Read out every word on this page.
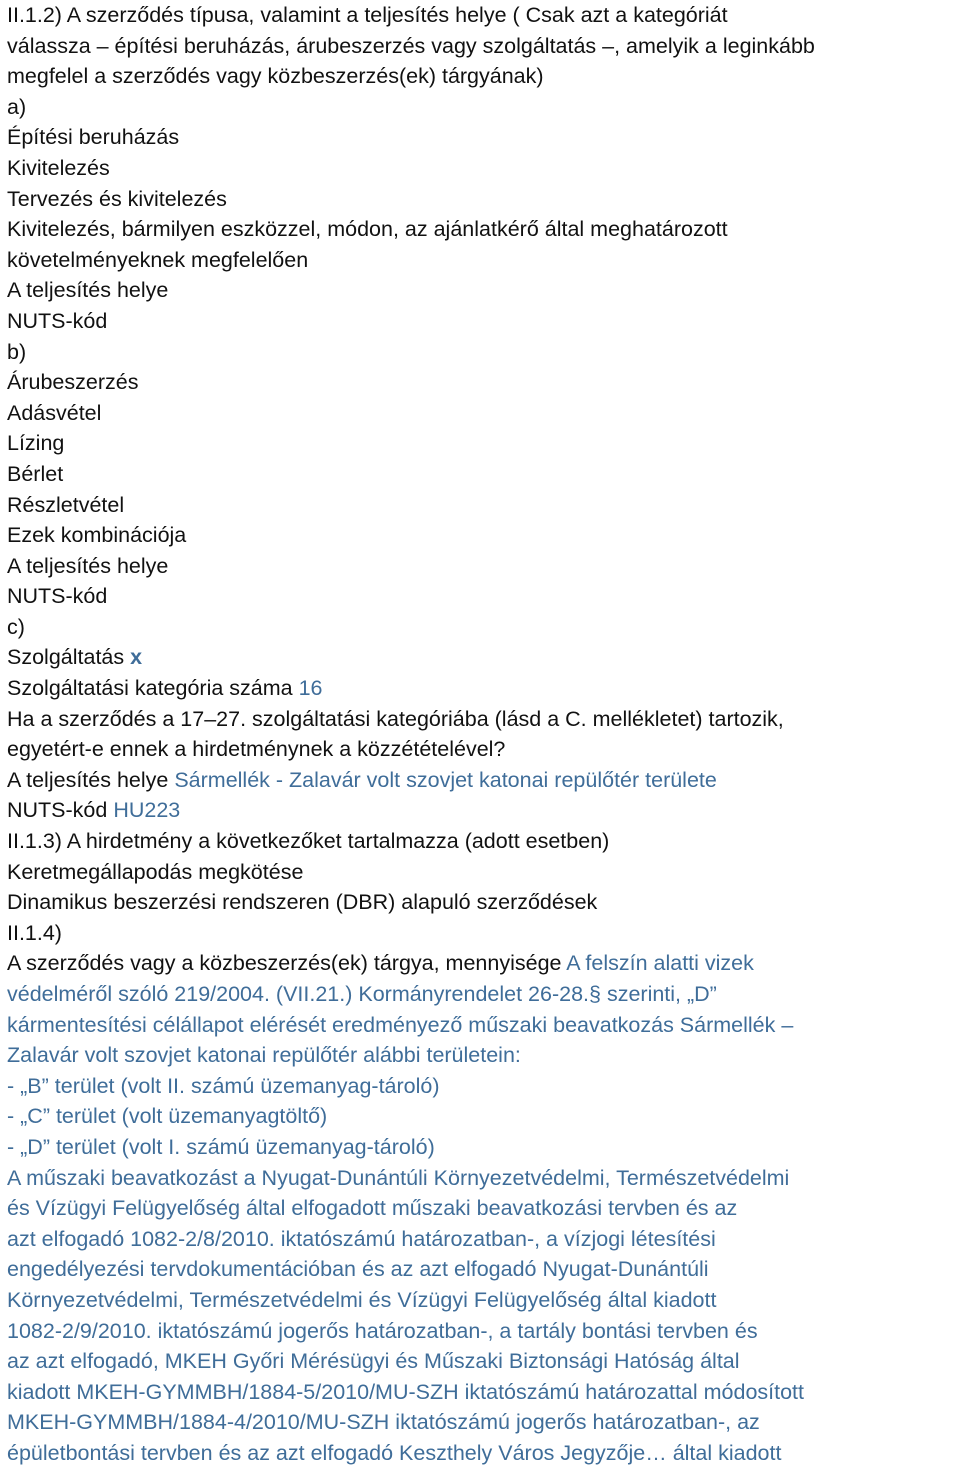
II.1.2) A szerződés típusa, valamint a teljesítés helye ( Csak azt a kategóriát
válassza – építési beruházás, árubeszerzés vagy szolgáltatás –, amelyik a leginkább
megfelel a szerződés vagy közbeszerzés(ek) tárgyának)
a)
Építési beruházás
Kivitelezés
Tervezés és kivitelezés
Kivitelezés, bármilyen eszközzel, módon, az ajánlatkérő által meghatározott
követelményeknek megfelelően
A teljesítés helye
NUTS-kód
b)
Árubeszerzés
Adásvétel
Lízing
Bérlet
Részletvétel
Ezek kombinációja
A teljesítés helye
NUTS-kód
c)
Szolgáltatás x
Szolgáltatási kategória száma 16
Ha a szerződés a 17–27. szolgáltatási kategóriába (lásd a C. mellékletet) tartozik,
egyetért-e ennek a hirdetménynek a közzétételével?
A teljesítés helye Sármellék - Zalavár volt szovjet katonai repülőtér területe
NUTS-kód HU223
II.1.3) A hirdetmény a következőket tartalmazza (adott esetben)
Keretmegállapodás megkötése
Dinamikus beszerzési rendszeren (DBR) alapuló szerződések
II.1.4)
A szerződés vagy a közbeszerzés(ek) tárgya, mennyisége A felszín alatti vizek
védelméről szóló 219/2004. (VII.21.) Kormányrendelet 26-28.§ szerinti, „D”
kármentesítési célállapot elérését eredményező műszaki beavatkozás Sármellék –
Zalavár volt szovjet katonai repülőtér alábbi területein:
- „B” terület (volt II. számú üzemanyag-tároló)
- „C” terület (volt üzemanyagtöltő)
- „D” terület (volt I. számú üzemanyag-tároló)
A műszaki beavatkozást a Nyugat-Dunántúli Környezetvédelmi, Természetvédelmi
és Vízügyi Felügyelőség által elfogadott műszaki beavatkozási tervben és az
azt elfogadó 1082-2/8/2010. iktatószámú határozatban-, a vízjogi létesítési
engedélyezési tervdokumentációban és az azt elfogadó Nyugat-Dunántúli
Környezetvédelmi, Természetvédelmi és Vízügyi Felügyelőség által kiadott
1082-2/9/2010. iktatószámú jogerős határozatban-, a tartály bontási tervben és
az azt elfogadó, MKEH Győri Mérésügyi és Műszaki Biztonsági Hatóság által
kiadott MKEH-GYMMBH/1884-5/2010/MU-SZH iktatószámú határozattal módosított
MKEH-GYMMBH/1884-4/2010/MU-SZH iktatószámú jogerős határozatban-, az
épületbontási tervben és az azt elfogadó Keszthely Város Jegyzője… által kiadott
